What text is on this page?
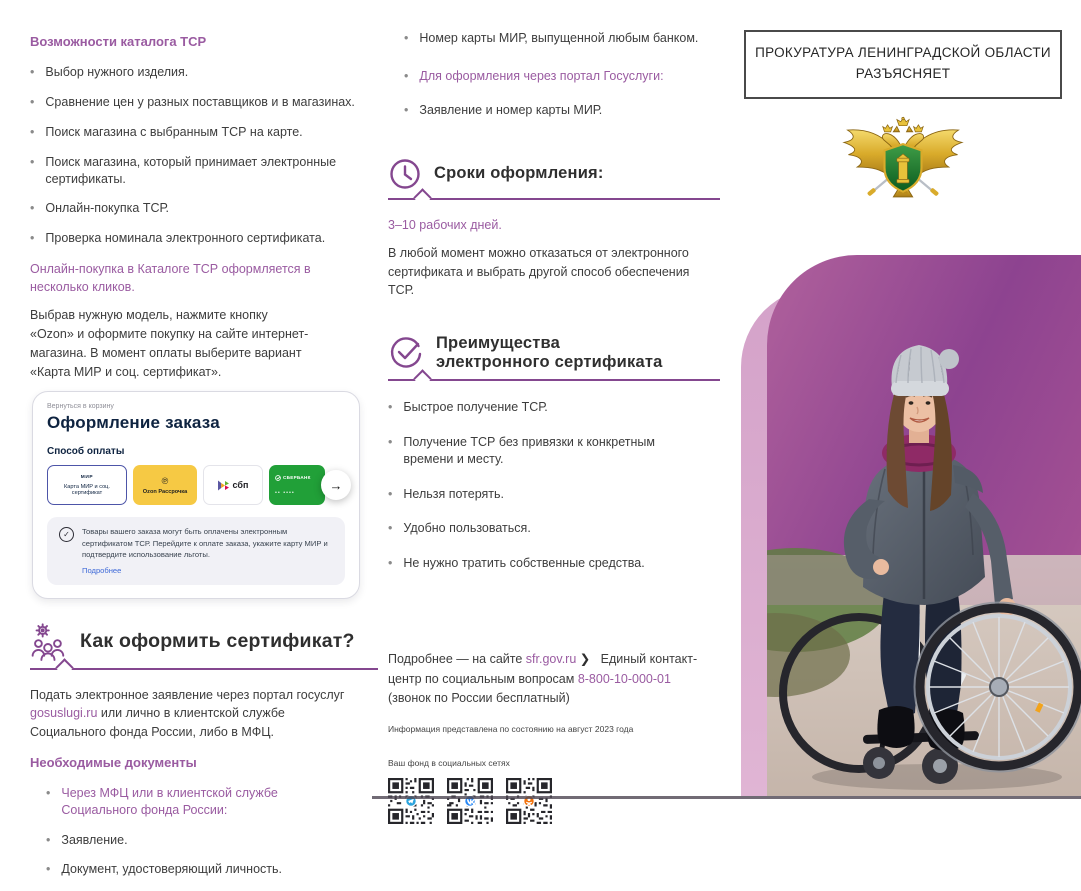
Возможности каталога ТСР
• Выбор нужного изделия.
• Сравнение цен у разных поставщиков и в магазинах.
• Поиск магазина с выбранным ТСР на карте.
• Поиск магазина, который принимает электронные сертификаты.
• Онлайн-покупка ТСР.
• Проверка номинала электронного сертификата.
Онлайн-покупка в Каталоге ТСР оформляется в несколько кликов.

Выбрав нужную модель, нажмите кнопку «Ozon» и оформите покупку на сайте интернет-магазина. В момент оплаты выберите вариант «Карта МИР и соц. сертификат».

Вернуться в корзину
Оформление заказа
Способ оплаты
МИР
Карта МИР и соц. сертификат
℗
Ozon Рассрочка
сбп
СБЕРБАНК
•• ••••	→
✓	Товары вашего заказа могут быть оплачены электронным сертификатом ТСР. Перейдите к оплате заказа, укажите карту МИР и подтвердите использование льготы.
Подробнее
Как оформить сертификат?

Подать электронное заявление через портал госуслуг gosuslugi.ru или лично в клиентской службе Социального фонда России, либо в МФЦ.

Необходимые документы
• Через МФЦ или в клиентской службе Социального фонда России:
• Заявление.
• Документ, удостоверяющий личность.
• Номер карты МИР, выпущенной любым банком.
• Для оформления через портал Госуслуги:
• Заявление и номер карты МИР.
Сроки оформления:
3–10 рабочих дней.

В любой момент можно отказаться от электронного сертификата и выбрать другой способ обеспечения ТСР.

Преимущества электронного сертификата
• Быстрое получение ТСР.
• Получение ТСР без привязки к конкретным времени и месту.
• Нельзя потерять.
• Удобно пользоваться.
• Не нужно тратить собственные средства.
Подробнее — на сайте sfr.gov.ru ❯ Единый контакт-центр по социальным вопросам 8-800-10-000-01
(звонок по России бесплатный)
Информация представлена по состоянию на август 2023 года
Ваш фонд в социальных сетях
ПРОКУРАТУРА ЛЕНИНГРАДСКОЙ ОБЛАСТИ
РАЗЪЯСНЯЕТ
